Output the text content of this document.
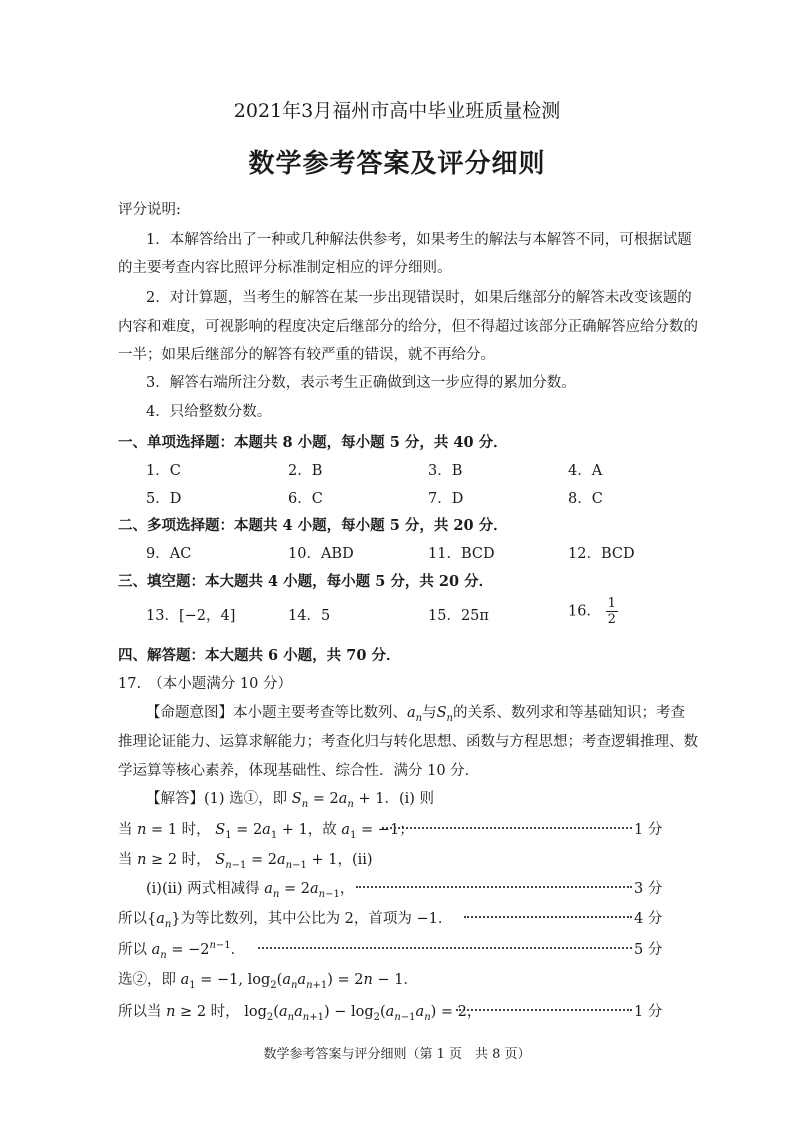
2021年3月福州市高中毕业班质量检测
数学参考答案及评分细则
评分说明:
1．本解答给出了一种或几种解法供参考，如果考生的解法与本解答不同，可根据试题
的主要考查内容比照评分标准制定相应的评分细则。
2．对计算题，当考生的解答在某一步出现错误时，如果后继部分的解答未改变该题的
内容和难度，可视影响的程度决定后继部分的给分，但不得超过该部分正确解答应给分数的
一半；如果后继部分的解答有较严重的错误，就不再给分。
3．解答右端所注分数，表示考生正确做到这一步应得的累加分数。
4．只给整数分数。
一、单项选择题：本题共 8 小题，每小题 5 分，共 40 分．
1．C	2．B	3．B	4．A
5．D	6．C	7．D	8．C
二、多项选择题：本题共 4 小题，每小题 5 分，共 20 分．
9．AC	10．ABD	11．BCD	12．BCD
三、填空题：本大题共 4 小题，每小题 5 分，共 20 分．
13．[−2，4]	14．5	15．25π	16． $\frac{1}{2}$
四、解答题：本大题共 6 小题，共 70 分．
17.　（本小题满分 10 分）
【命题意图】本小题主要考查等比数列、$a_n$与$S_n$的关系、数列求和等基础知识；考查
推理论证能力、运算求解能力；考查化归与转化思想、函数与方程思想；考查逻辑推理、数
学运算等核心素养，体现基础性、综合性．满分 10 分．
【解答】(1) 选①，即 $S_n = 2a_n + 1$．(i) 则
当 n = 1 时， $S_1 = 2a_1 + 1$，故 $a_1 = -1$；	1 分
当 n ≥ 2 时， $S_{n-1} = 2a_{n-1} + 1$，(ii)
(i)(ii) 两式相减得 $a_n = 2a_{n-1}$，	3 分
所以$\{a_n\}$为等比数列，其中公比为 2，首项为 −1．	4 分
所以 $a_n = -2^{n-1}$．	5 分
选②，即 $a_1 = -1$, $\log_2(a_na_{n+1}) = 2n - 1$．
所以当 n ≥ 2 时， $\log_2(a_na_{n+1}) - \log_2(a_{n-1}a_n) = 2$，	1 分
数学参考答案与评分细则（第 1 页　共 8 页）
